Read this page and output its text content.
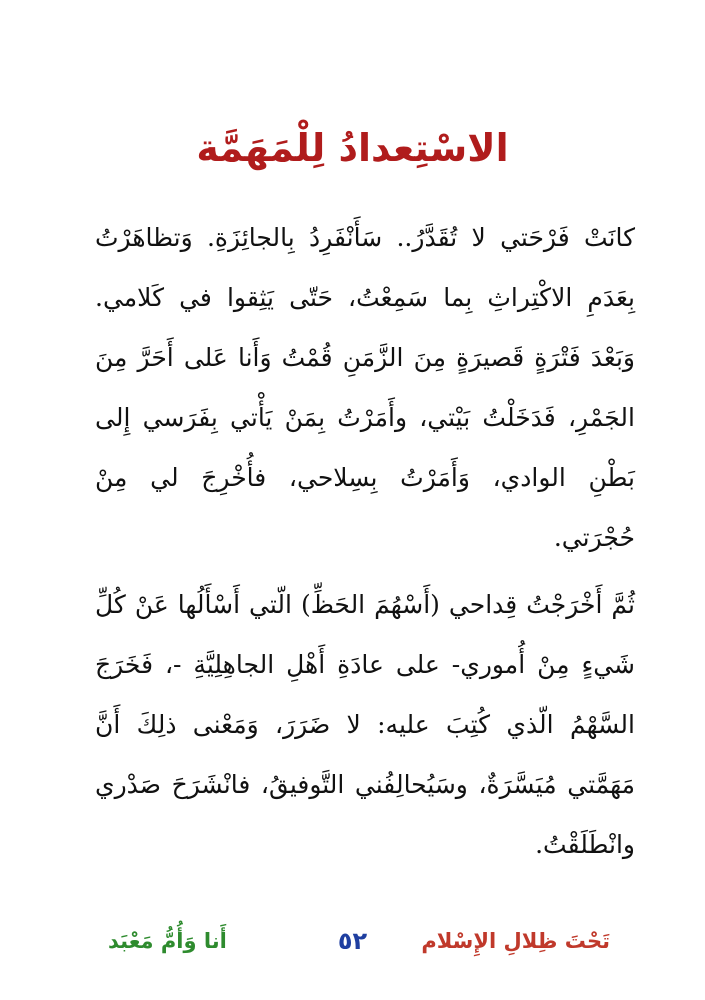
الاسْتِعدادُ لِلْمَهَمَّة

كانَتْ فَرْحَتي لا تُقَدَّرُ.. سَأَنْفَرِدُ بِالجائِزَةِ. وَتظاهَرْتُ بِعَدَمِ الاكْتِراثِ بِما سَمِعْتُ، حَتّى يَثِقوا في كَلامي. وَبَعْدَ فَتْرَةٍ قَصيرَةٍ مِنَ الزَّمَنِ قُمْتُ وَأَنا عَلى أَحَرَّ مِنَ الجَمْرِ، فَدَخَلْتُ بَيْتي، وأَمَرْتُ بِمَنْ يَأْتي بِفَرَسي إِلى بَطْنِ الوادي، وَأَمَرْتُ بِسِلاحي، فأُخْرِجَ لي مِنْ حُجْرَتي.

ثُمَّ أَخْرَجْتُ قِداحي (أَسْهُمَ الحَظِّ) الّتي أَسْأَلُها عَنْ كُلِّ شَيءٍ مِنْ أُموري- على عادَةِ أَهْلِ الجاهِلِيَّةِ -، فَخَرَجَ السَّهْمُ الّذي كُتِبَ عليه: لا ضَرَرَ، وَمَعْنى ذلِكَ أَنَّ مَهَمَّتي مُيَسَّرَةٌ، وسَيُحالِفُني التَّوفيقُ، فانْشَرَحَ صَدْري وانْطَلَقْتُ.

تَحْتَ ظِلالِ الإِسْلام
٥٢
أَنا وَأُمُّ مَعْبَد
